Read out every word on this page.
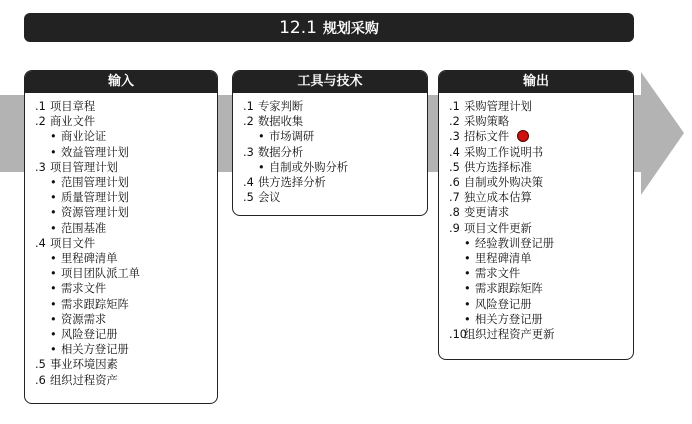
12.1 规划采购
输入
.1 项目章程
.2 商业文件
• 商业论证
• 效益管理计划
.3 项目管理计划
• 范围管理计划
• 质量管理计划
• 资源管理计划
• 范围基准
.4 项目文件
• 里程碑清单
• 项目团队派工单
• 需求文件
• 需求跟踪矩阵
• 资源需求
• 风险登记册
• 相关方登记册
.5 事业环境因素
.6 组织过程资产
工具与技术
.1 专家判断
.2 数据收集
• 市场调研
.3 数据分析
• 自制或外购分析
.4 供方选择分析
.5 会议
输出
.1 采购管理计划
.2 采购策略
.3 招标文件
.4 采购工作说明书
.5 供方选择标准
.6 自制或外购决策
.7 独立成本估算
.8 变更请求
.9 项目文件更新
• 经验教训登记册
• 里程碑清单
• 需求文件
• 需求跟踪矩阵
• 风险登记册
• 相关方登记册
.10组织过程资产更新
